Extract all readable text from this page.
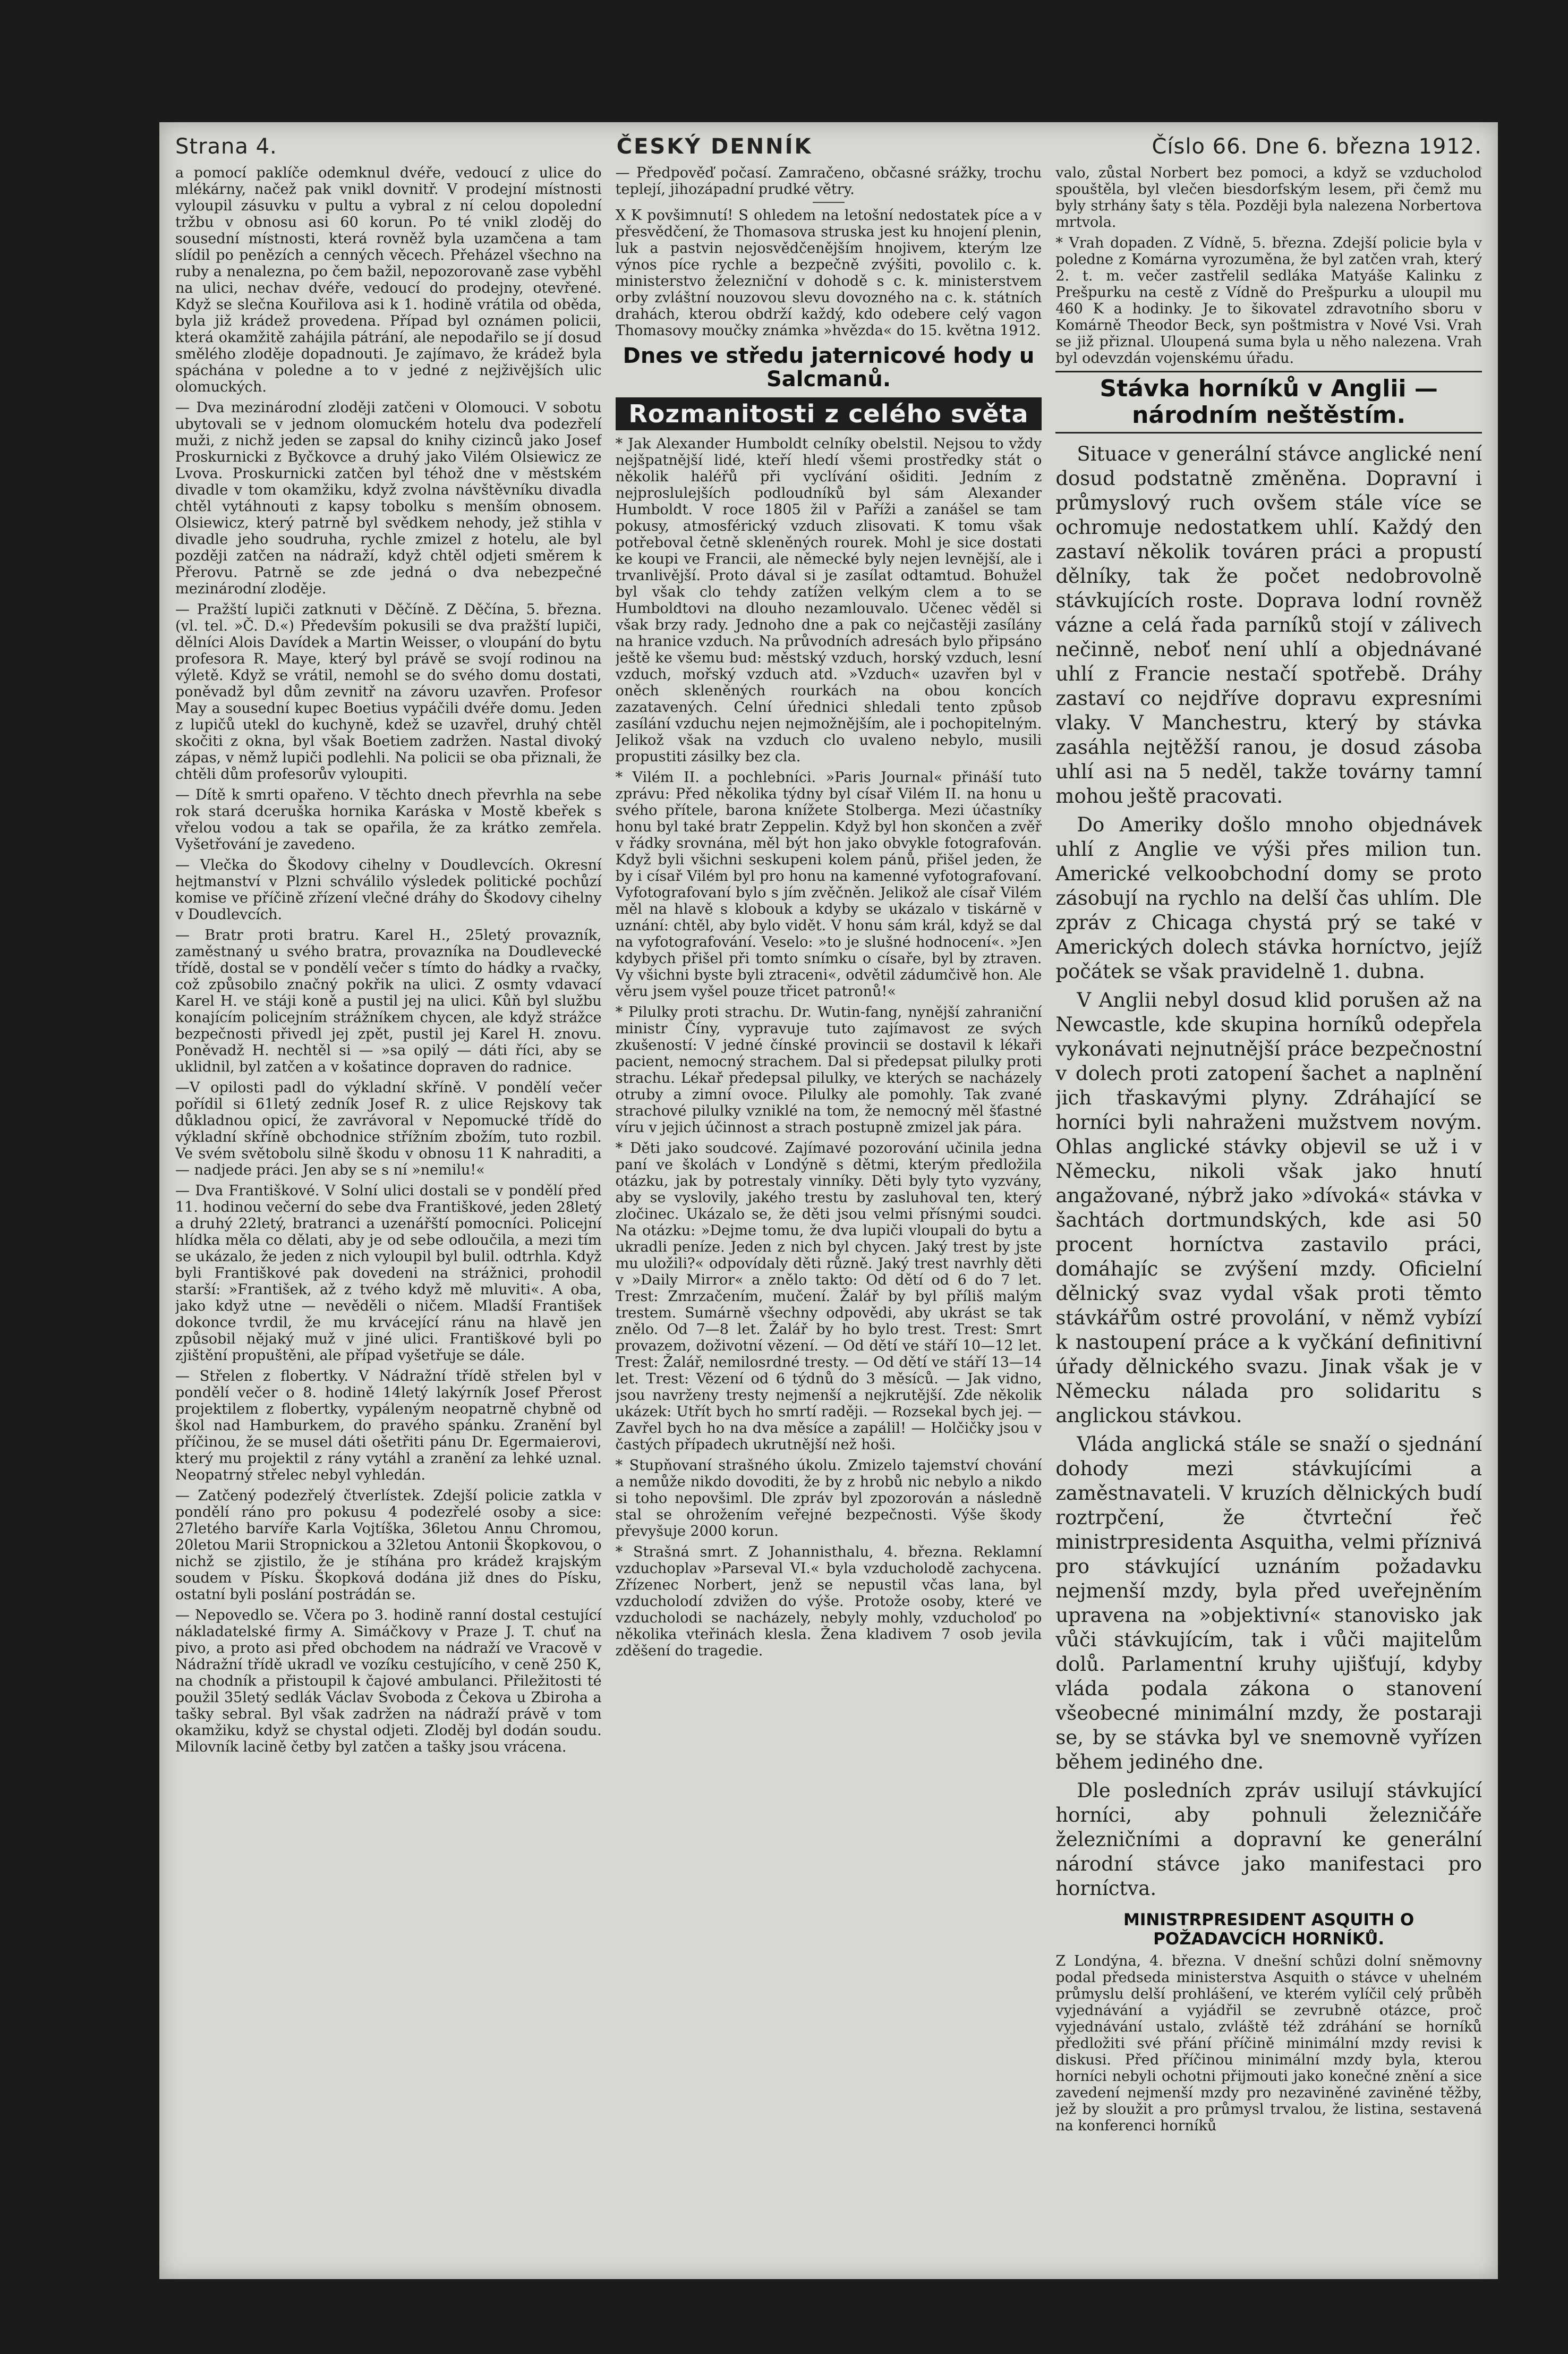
Strana 4.	ČESKÝ DENNÍK	Číslo 66. Dne 6. března 1912.

a pomocí paklíče odemknul dvéře, vedoucí z ulice do mlékárny, načež pak vnikl dovnitř. V prodejní místnosti vyloupil zásuvku v pultu a vybral z ní celou dopolední tržbu v obnosu asi 60 korun. Po té vnikl zloděj do sousední místnosti, která rovněž byla uzamčena a tam slídil po penězích a cenných věcech. Přeházel všechno na ruby a nenalezna, po čem bažil, nepozorovaně zase vyběhl na ulici, nechav dvéře, vedoucí do prodejny, otevřené. Když se slečna Kouřilova asi k 1. hodině vrátila od oběda, byla již krádež provedena. Případ byl oznámen policii, která okamžitě zahájila pátrání, ale nepodařilo se jí dosud smělého zloděje dopadnouti. Je zajímavo, že krádež byla spáchána v poledne a to v jedné z nejživějších ulic olomuckých.

— Dva mezinárodní zloději zatčeni v Olomouci. V sobotu ubytovali se v jednom olomuckém hotelu dva podezřelí muži, z nichž jeden se zapsal do knihy cizinců jako Josef Proskurnicki z Byčkovce a druhý jako Vilém Olsiewicz ze Lvova. Proskurnicki zatčen byl téhož dne v městském divadle v tom okamžiku, když zvolna návštěvníku divadla chtěl vytáhnouti z kapsy tobolku s menším obnosem. Olsiewicz, který patrně byl svědkem nehody, jež stihla v divadle jeho soudruha, rychle zmizel z hotelu, ale byl později zatčen na nádraží, když chtěl odjeti směrem k Přerovu. Patrně se zde jedná o dva nebezpečné mezinárodní zloděje.

— Pražští lupiči zatknuti v Děčíně. Z Děčína, 5. března. (vl. tel. »Č. D.«) Především pokusili se dva pražští lupiči, dělníci Alois Davídek a Martin Weisser, o vloupání do bytu profesora R. Maye, který byl právě se svojí rodinou na výletě. Když se vrátil, nemohl se do svého domu dostati, poněvadž byl dům zevnitř na závoru uzavřen. Profesor May a sousední kupec Boetius vypáčili dvéře domu. Jeden z lupičů utekl do kuchyně, kdež se uzavřel, druhý chtěl skočiti z okna, byl však Boetiem zadržen. Nastal divoký zápas, v němž lupiči podlehli. Na policii se oba přiznali, že chtěli dům profesorův vyloupiti.

— Dítě k smrti opařeno. V těchto dnech převrhla na sebe rok stará dceruška hornika Karáska v Mostě kbeřek s vřelou vodou a tak se opařila, že za krátko zemřela. Vyšetřování je zavedeno.

— Vlečka do Škodovy cihelny v Doudlevcích. Okresní hejtmanství v Plzni schválilo výsledek politické pochůzí komise ve příčině zřízení vlečné dráhy do Škodovy cihelny v Doudlevcích.

— Bratr proti bratru. Karel H., 25letý provazník, zaměstnaný u svého bratra, provazníka na Doudlevecké třídě, dostal se v pondělí večer s tímto do hádky a rvačky, což způsobilo značný pokřik na ulici. Z osmty vdavací Karel H. ve stáji koně a pustil jej na ulici. Kůň byl službu konajícím policejním strážníkem chycen, ale když strážce bezpečnosti přivedl jej zpět, pustil jej Karel H. znovu. Poněvadž H. nechtěl si — »sa opilý — dáti říci, aby se uklidnil, byl zatčen a v košatince dopraven do radnice.

—V opilosti padl do výkladní skříně. V pondělí večer pořídil si 61letý zedník Josef R. z ulice Rejskovy tak důkladnou opicí, že zavrávoral v Nepomucké třídě do výkladní skříně obchodnice střížním zbožím, tuto rozbil. Ve svém světobolu silně škodu v obnosu 11 K nahraditi, a — nadjede práci. Jen aby se s ní »nemilu!«

— Dva Františkové. V Solní ulici dostali se v pondělí před 11. hodinou večerní do sebe dva Františkové, jeden 28letý a druhý 22letý, bratranci a uzenářští pomocníci. Policejní hlídka měla co dělati, aby je od sebe odloučila, a mezi tím se ukázalo, že jeden z nich vyloupil byl bulil. odtrhla. Když byli Františkové pak dovedeni na strážnici, prohodil starší: »František, až z tvého když mě mluviti«. A oba, jako když utne — nevěděli o ničem. Mladší František dokonce tvrdil, že mu krvácející ránu na hlavě jen způsobil nějaký muž v jiné ulici. Františkové byli po zjištění propuštěni, ale případ vyšetřuje se dále.

— Střelen z flobertky. V Nádražní třídě střelen byl v pondělí večer o 8. hodině 14letý lakýrník Josef Přerost projektilem z flobertky, vypáleným neopatrně chybně od škol nad Hamburkem, do pravého spánku. Zranění byl příčinou, že se musel dáti ošetřiti pánu Dr. Egermaierovi, který mu projektil z rány vytáhl a zranění za lehké uznal. Neopatrný střelec nebyl vyhledán.

— Zatčený podezřelý čtverlístek. Zdejší policie zatkla v pondělí ráno pro pokusu 4 podezřelé osoby a sice: 27letého barvíře Karla Vojtíška, 36letou Annu Chromou, 20letou Marii Stropnickou a 32letou Antonii Škopkovou, o nichž se zjistilo, že je stíhána pro krádež krajským soudem v Písku. Škopková dodána již dnes do Písku, ostatní byli poslání postrádán se.

— Nepovedlo se. Včera po 3. hodině ranní dostal cestující nákladatelské firmy A. Simáčkovy v Praze J. T. chuť na pivo, a proto asi před obchodem na nádraží ve Vracově v Nádražní třídě ukradl ve vozíku cestujícího, v ceně 250 K, na chodník a přistoupil k čajové ambulanci. Přiležitosti té použil 35letý sedlák Václav Svoboda z Čekova u Zbiroha a tašky sebral. Byl však zadržen na nádraží právě v tom okamžiku, když se chystal odjeti. Zloděj byl dodán soudu. Milovník lacině četby byl zatčen a tašky jsou vrácena.

— Předpověď počasí. Zamračeno, občasné srážky, trochu teplejí, jihozápadní prudké větry.

X K povšimnutí! S ohledem na letošní nedostatek píce a v přesvědčení, že Thomasova struska jest ku hnojení plenin, luk a pastvin nejosvědčenějším hnojivem, kterým lze výnos píce rychle a bezpečně zvýšiti, povolilo c. k. ministerstvo železniční v dohodě s c. k. ministerstvem orby zvláštní nouzovou slevu dovozného na c. k. státních drahách, kterou obdrží každý, kdo odebere celý vagon Thomasovy moučky známka »hvězda« do 15. května 1912.

Dnes ve středu jaternicové hody u Salcmanů.
Rozmanitosti z celého světa

* Jak Alexander Humboldt celníky obelstil. Nejsou to vždy nejšpatnější lidé, kteří hledí všemi prostředky stát o několik haléřů při vyclívání ošiditi. Jedním z nejproslulejších podloudníků byl sám Alexander Humboldt. V roce 1805 žil v Paříži a zanášel se tam pokusy, atmosférický vzduch zlisovati. K tomu však potřeboval četně skleněných rourek. Mohl je sice dostati ke koupi ve Francii, ale německé byly nejen levnější, ale i trvanlivější. Proto dával si je zasílat odtamtud. Bohužel byl však clo tehdy zatížen velkým clem a to se Humboldtovi na dlouho nezamlouvalo. Učenec věděl si však brzy rady. Jednoho dne a pak co nejčastěji zasílány na hranice vzduch. Na průvodních adresách bylo připsáno ještě ke všemu bud: městský vzduch, horský vzduch, lesní vzduch, mořský vzduch atd. »Vzduch« uzavřen byl v oněch skleněných rourkách na obou koncích zazatavených. Celní úřednici shledali tento způsob zasílání vzduchu nejen nejmožnějším, ale i pochopitelným. Jelikož však na vzduch clo uvaleno nebylo, musili propustiti zásilky bez cla.

* Vilém II. a pochlebníci. »Paris Journal« přináší tuto zprávu: Před několika týdny byl císař Vilém II. na honu u svého přítele, barona knížete Stolberga. Mezi účastníky honu byl také bratr Zeppelin. Když byl hon skončen a zvěř v řádky srovnána, měl být hon jako obvykle fotografován. Když byli všichni seskupeni kolem pánů, přišel jeden, že by i císař Vilém byl pro honu na kamenné vyfotografovaní. Vyfotografovaní bylo s jím zvěčněn. Jelikož ale císař Vilém měl na hlavě s klobouk a kdyby se ukázalo v tiskárně v uznání: chtěl, aby bylo vidět. V honu sám král, když se dal na vyfotografování. Veselo: »to je slušné hodnocení«. »Jen kdybych přišel při tomto snímku o císaře, byl by ztraven. Vy všichni byste byli ztraceni«, odvětil zádumčivě hon. Ale věru jsem vyšel pouze třicet patronů!«

* Pilulky proti strachu. Dr. Wutin-fang, nynější zahraniční ministr Číny, vypravuje tuto zajímavost ze svých zkušeností: V jedné čínské provincii se dostavil k lékaři pacient, nemocný strachem. Dal si předepsat pilulky proti strachu. Lékař předepsal pilulky, ve kterých se nacházely otruby a zimní ovoce. Pilulky ale pomohly. Tak zvané strachové pilulky vzniklé na tom, že nemocný měl šťastné víru v jejich účinnost a strach postupně zmizel jak pára.

* Děti jako soudcové. Zajímavé pozorování učinila jedna paní ve školách v Londýně s dětmi, kterým předložila otázku, jak by potrestaly vinníky. Děti byly tyto vyzvány, aby se vyslovily, jakého trestu by zasluhoval ten, který zločinec. Ukázalo se, že děti jsou velmi přísnými soudci. Na otázku: »Dejme tomu, že dva lupiči vloupali do bytu a ukradli peníze. Jeden z nich byl chycen. Jaký trest by jste mu uložili?« odpovídaly děti různě. Jaký trest navrhly děti v »Daily Mirror« a znělo takto: Od dětí od 6 do 7 let. Trest: Zmrzačením, mučení. Žalář by byl příliš malým trestem. Sumárně všechny odpovědi, aby ukrást se tak znělo. Od 7—8 let. Žalář by ho bylo trest. Trest: Smrt provazem, doživotní vězení. — Od dětí ve stáří 10—12 let. Trest: Žalář, nemilosrdné tresty. — Od dětí ve stáří 13—14 let. Trest: Vězení od 6 týdnů do 3 měsíců. — Jak vidno, jsou navrženy tresty nejmenší a nejkrutější. Zde několik ukázek: Utřít bych ho smrtí raději. — Rozsekal bych jej. — Zavřel bych ho na dva měsíce a zapálil! — Holčičky jsou v častých případech ukrutnější než hoši.

* Stupňovaní strašného úkolu. Zmizelo tajemství chování a nemůže nikdo dovoditi, že by z hrobů nic nebylo a nikdo si toho nepovšiml. Dle zpráv byl zpozorován a následně stal se ohrožením veřejné bezpečnosti. Výše škody převyšuje 2000 korun.

* Strašná smrt. Z Johannisthalu, 4. března. Reklamní vzduchoplav »Parseval VI.« byla vzducholodě zachycena. Zřízenec Norbert, jenž se nepustil včas lana, byl vzducholodí zdvižen do výše. Protože osoby, které ve vzducholodi se nacházely, nebyly mohly, vzducholoď po několika vteřinách klesla. Žena kladivem 7 osob jevila zděšení do tragedie.

valo, zůstal Norbert bez pomoci, a když se vzducholoď spouštěla, byl vlečen biesdorfským lesem, při čemž mu byly strhány šaty s těla. Později byla nalezena Norbertova mrtvola.

* Vrah dopaden. Z Vídně, 5. března. Zdejší policie byla v poledne z Komárna vyrozuměna, že byl zatčen vrah, který 2. t. m. večer zastřelil sedláka Matyáše Kalinku z Prešpurku na cestě z Vídně do Prešpurku a uloupil mu 460 K a hodinky. Je to šikovatel zdravotního sboru v Komárně Theodor Beck, syn poštmistra v Nové Vsi. Vrah se již přiznal. Uloupená suma byla u něho nalezena. Vrah byl odevzdán vojenskému úřadu.

Stávka horníků v Anglii — národním neštěstím.

Situace v generální stávce anglické není dosud podstatně změněna. Dopravní i průmyslový ruch ovšem stále více se ochromuje nedostatkem uhlí. Každý den zastaví několik továren práci a propustí dělníky, tak že počet nedobrovolně stávkujících roste. Doprava lodní rovněž vázne a celá řada parníků stojí v zálivech nečinně, neboť není uhlí a objednávané uhlí z Francie nestačí spotřebě. Dráhy zastaví co nejdříve dopravu expresními vlaky. V Manchestru, který by stávka zasáhla nejtěžší ranou, je dosud zásoba uhlí asi na 5 neděl, takže továrny tamní mohou ještě pracovati.

Do Ameriky došlo mnoho objednávek uhlí z Anglie ve výši přes milion tun. Americké velkoobchodní domy se proto zásobují na rychlo na delší čas uhlím. Dle zpráv z Chicaga chystá prý se také v Amerických dolech stávka horníctvo, jejíž počátek se však pravidelně 1. dubna.

V Anglii nebyl dosud klid porušen až na Newcastle, kde skupina horníků odepřela vykonávati nejnutnější práce bezpečnostní v dolech proti zatopení šachet a naplnění jich třaskavými plyny. Zdráhající se horníci byli nahraženi mužstvem novým. Ohlas anglické stávky objevil se už i v Německu, nikoli však jako hnutí angažované, nýbrž jako »dívoká« stávka v šachtách dortmundských, kde asi 50 procent horníctva zastavilo práci, domáhajíc se zvýšení mzdy. Oficielní dělnický svaz vydal však proti těmto stávkářům ostré provolání, v němž vybízí k nastoupení práce a k vyčkání definitivní úřady dělnického svazu. Jinak však je v Německu nálada pro solidaritu s anglickou stávkou.

Vláda anglická stále se snaží o sjednání dohody mezi stávkujícími a zaměstnavateli. V kruzích dělnických budí roztrpčení, že čtvrteční řeč ministrpresidenta Asquitha, velmi příznivá pro stávkující uznáním požadavku nejmenší mzdy, byla před uveřejněním upravena na »objektivní« stanovisko jak vůči stávkujícím, tak i vůči majitelům dolů. Parlamentní kruhy ujišťují, kdyby vláda podala zákona o stanovení všeobecné minimální mzdy, že postaraji se, by se stávka byl ve snemovně vyřízen během jediného dne.

Dle posledních zpráv usilují stávkující horníci, aby pohnuli železničáře železničními a dopravní ke generální národní stávce jako manifestaci pro horníctva.

MINISTRPRESIDENT ASQUITH O POŽADAVCÍCH HORNÍKŮ.

Z Londýna, 4. března. V dnešní schůzi dolní sněmovny podal předseda ministerstva Asquith o stávce v uhelném průmyslu delší prohlášení, ve kterém vylíčil celý průběh vyjednávání a vyjádřil se zevrubně otázce, proč vyjednávání ustalo, zvláště též zdráhání se horníků předložiti své přání příčině minimální mzdy revisi k diskusi. Před příčinou minimální mzdy byla, kterou horníci nebyli ochotni přijmouti jako konečné znění a sice zavedení nejmenší mzdy pro nezaviněné zaviněné těžby, jež by sloužit a pro průmysl trvalou, že listina, sestavená na konferenci horníků
